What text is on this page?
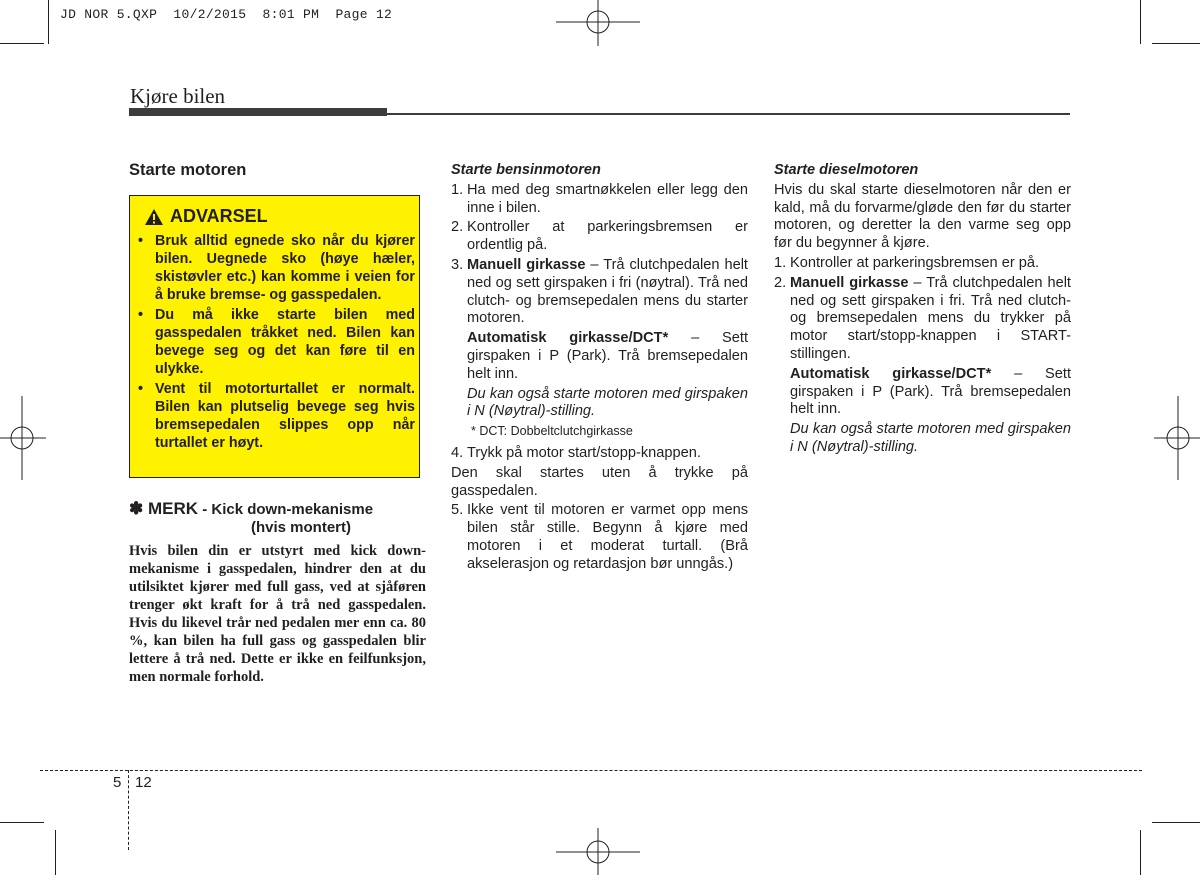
JD NOR 5.QXP  10/2/2015  8:01 PM  Page 12
Kjøre bilen
Starte motoren
ADVARSEL
• Bruk alltid egnede sko når du kjører bilen. Uegnede sko (høye hæler, skistøvler etc.) kan komme i veien for å bruke bremse- og gasspedalen.
• Du må ikke starte bilen med gasspedalen tråkket ned. Bilen kan bevege seg og det kan føre til en ulykke.
• Vent til motorturtallet er normalt. Bilen kan plutselig bevege seg hvis bremsepedalen slippes opp når turtallet er høyt.
✽ MERK - Kick down-mekanisme
(hvis montert)
Hvis bilen din er utstyrt med kick down-mekanisme i gasspedalen, hindrer den at du utilsiktet kjører med full gass, ved at sjåføren trenger økt kraft for å trå ned gasspedalen. Hvis du likevel trår ned pedalen mer enn ca. 80 %, kan bilen ha full gass og gasspedalen blir lettere å trå ned. Dette er ikke en feilfunksjon, men normale forhold.

Starte bensinmotoren

1. Ha med deg smartnøkkelen eller legg den inne i bilen.
2. Kontroller at parkeringsbremsen er ordentlig på.
3. Manuell girkasse – Trå clutchpedalen helt ned og sett girspaken i fri (nøytral). Trå ned clutch- og bremsepedalen mens du starter motoren.
Automatisk girkasse/DCT* – Sett girspaken i P (Park). Trå bremsepedalen helt inn.
Du kan også starte motoren med girspaken i N (Nøytral)-stilling.
* DCT: Dobbeltclutchgirkasse
4. Trykk på motor start/stopp-knappen.

Den skal startes uten å trykke på gasspedalen.

5. Ikke vent til motoren er varmet opp mens bilen står stille. Begynn å kjøre med motoren i et moderat turtall. (Brå akselerasjon og retardasjon bør unngås.)

Starte dieselmotoren

Hvis du skal starte dieselmotoren når den er kald, må du forvarme/gløde den før du starter motoren, og deretter la den varme seg opp før du begynner å kjøre.

1. Kontroller at parkeringsbremsen er på.
2. Manuell girkasse – Trå clutchpedalen helt ned og sett girspaken i fri. Trå ned clutch- og bremsepedalen mens du trykker på motor start/stopp-knappen i START-stillingen.
Automatisk girkasse/DCT* – Sett girspaken i P (Park). Trå bremsepedalen helt inn.
Du kan også starte motoren med girspaken i N (Nøytral)-stilling.
5 12
